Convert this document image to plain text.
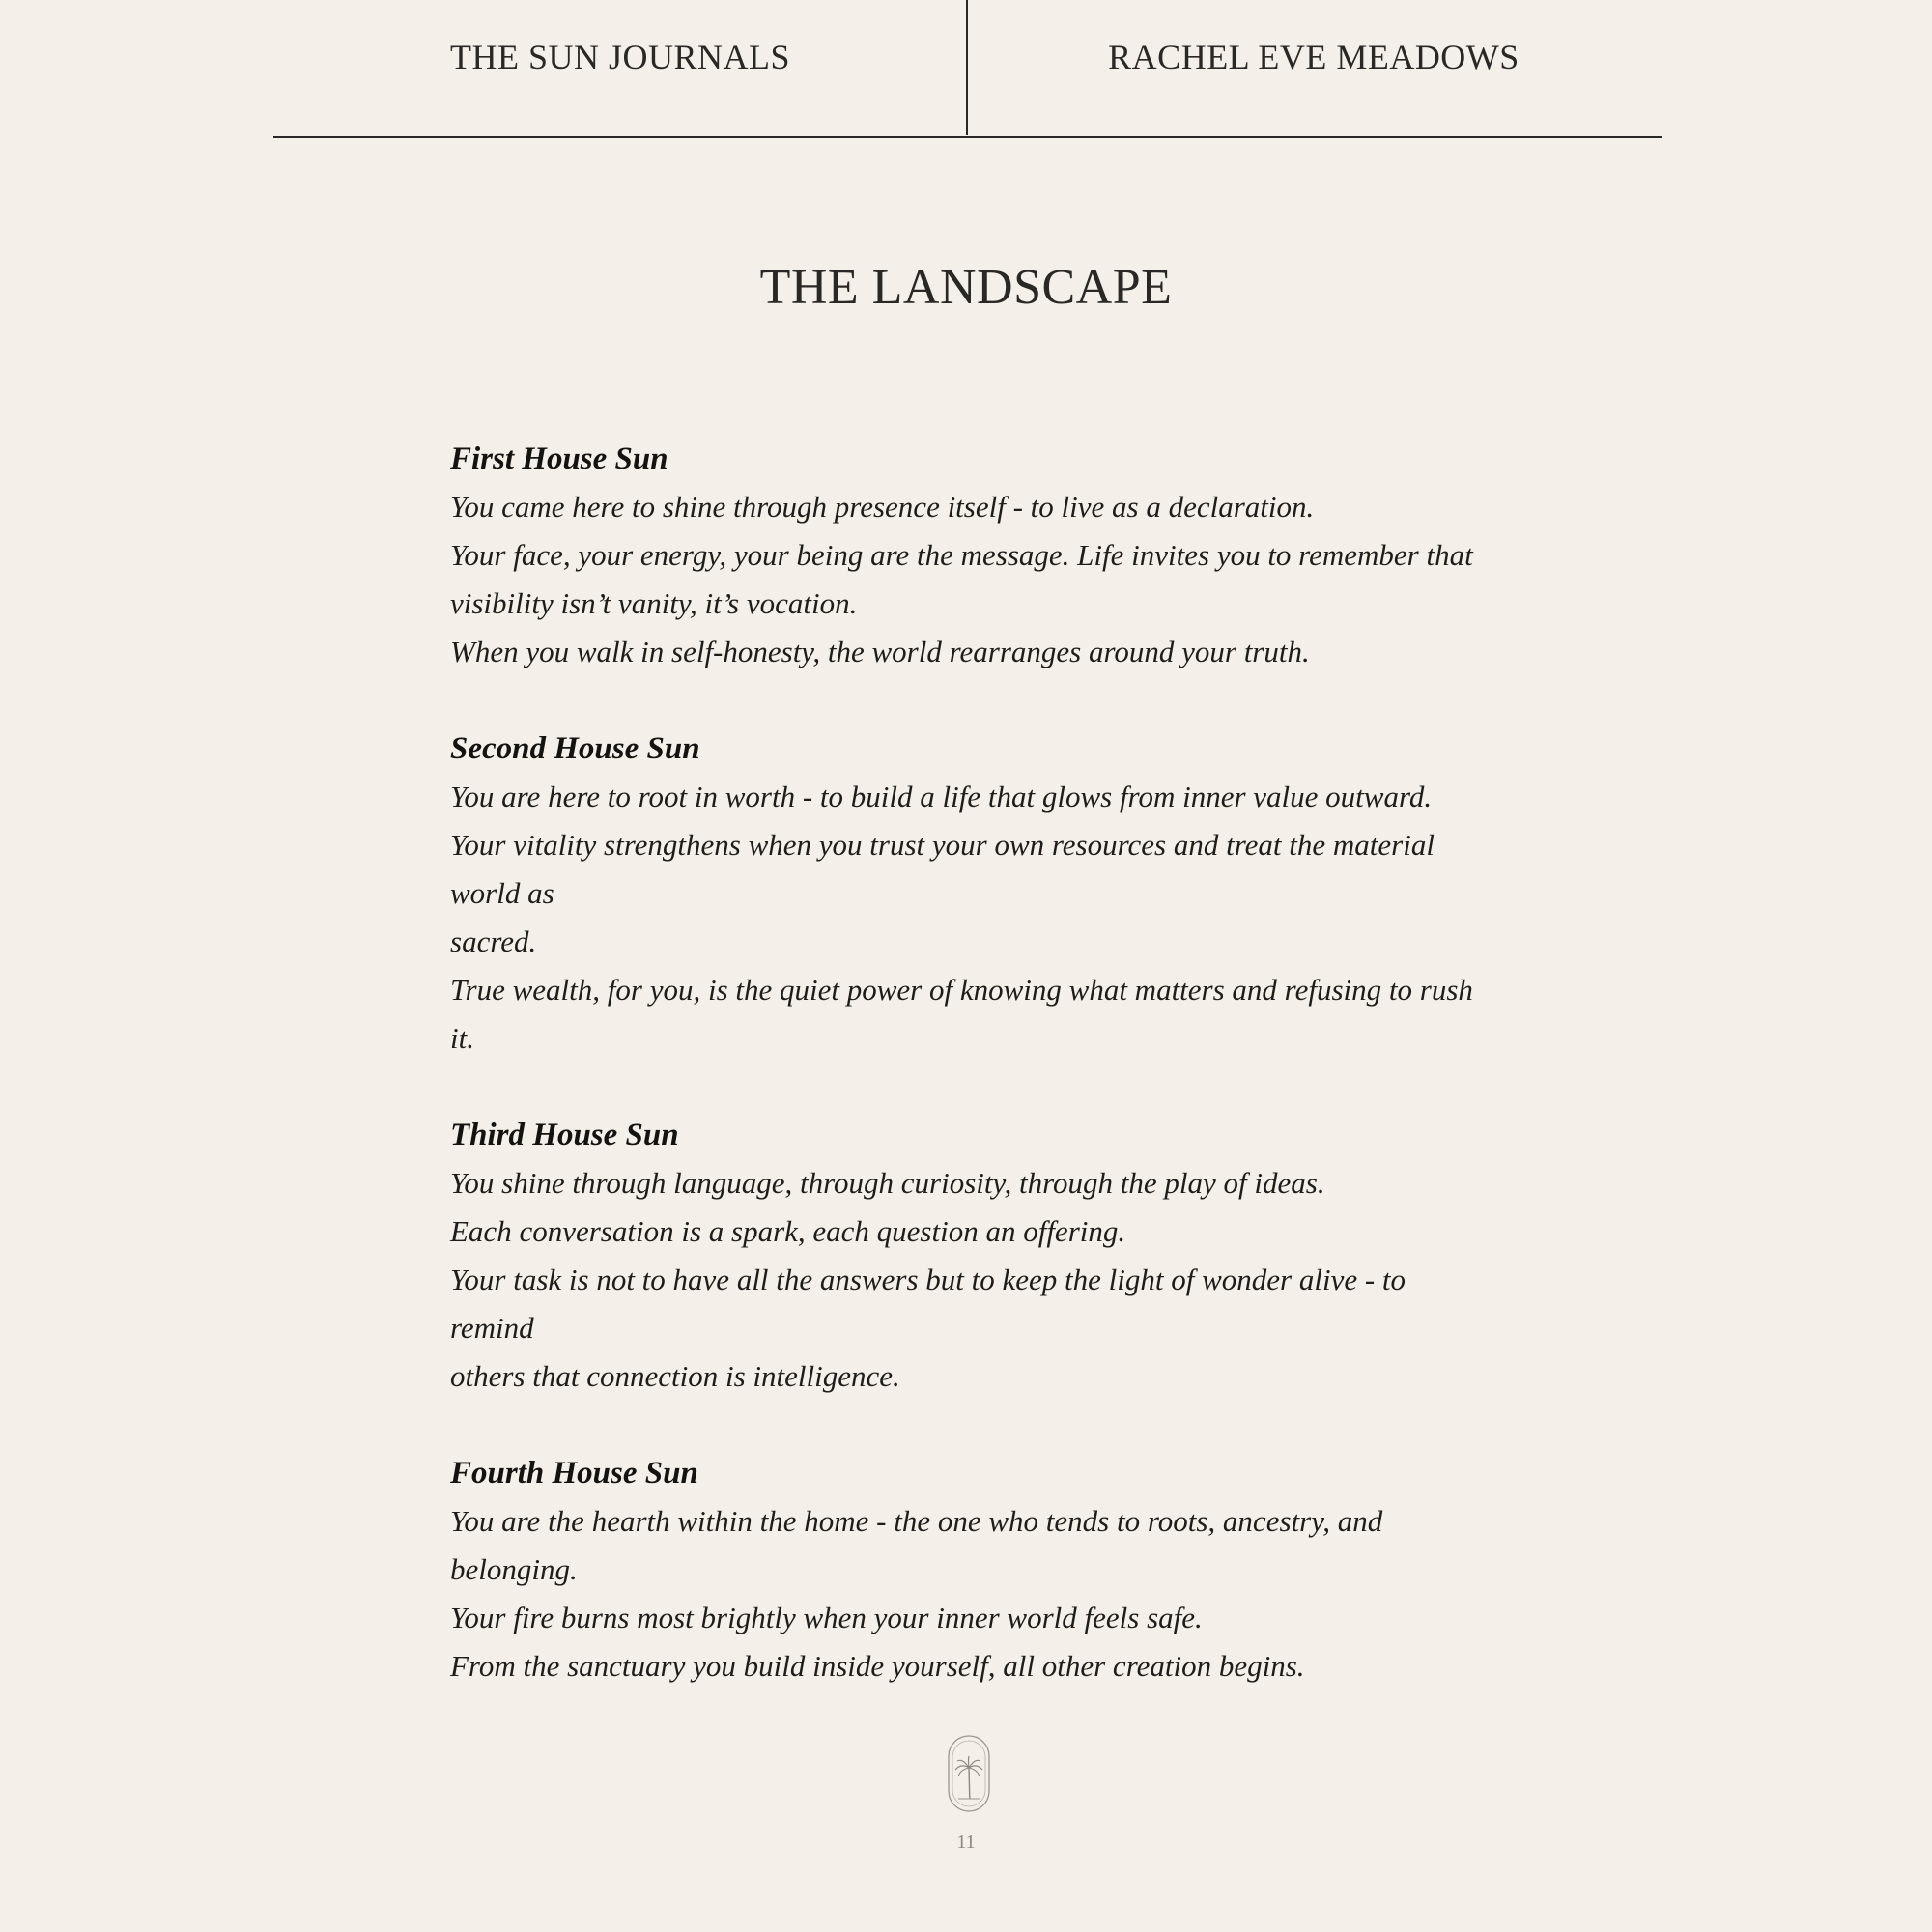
THE SUN JOURNALS	RACHEL EVE MEADOWS
THE LANDSCAPE
First House Sun
You came here to shine through presence itself - to live as a declaration.
Your face, your energy, your being are the message. Life invites you to remember that
visibility isn’t vanity, it’s vocation.
When you walk in self-honesty, the world rearranges around your truth.
Second House Sun
You are here to root in worth - to build a life that glows from inner value outward.
Your vitality strengthens when you trust your own resources and treat the material world as
sacred.
True wealth, for you, is the quiet power of knowing what matters and refusing to rush it.
Third House Sun
You shine through language, through curiosity, through the play of ideas.
Each conversation is a spark, each question an offering.
Your task is not to have all the answers but to keep the light of wonder alive - to remind
others that connection is intelligence.
Fourth House Sun
You are the hearth within the home - the one who tends to roots, ancestry, and belonging.
Your fire burns most brightly when your inner world feels safe.
From the sanctuary you build inside yourself, all other creation begins.
11
